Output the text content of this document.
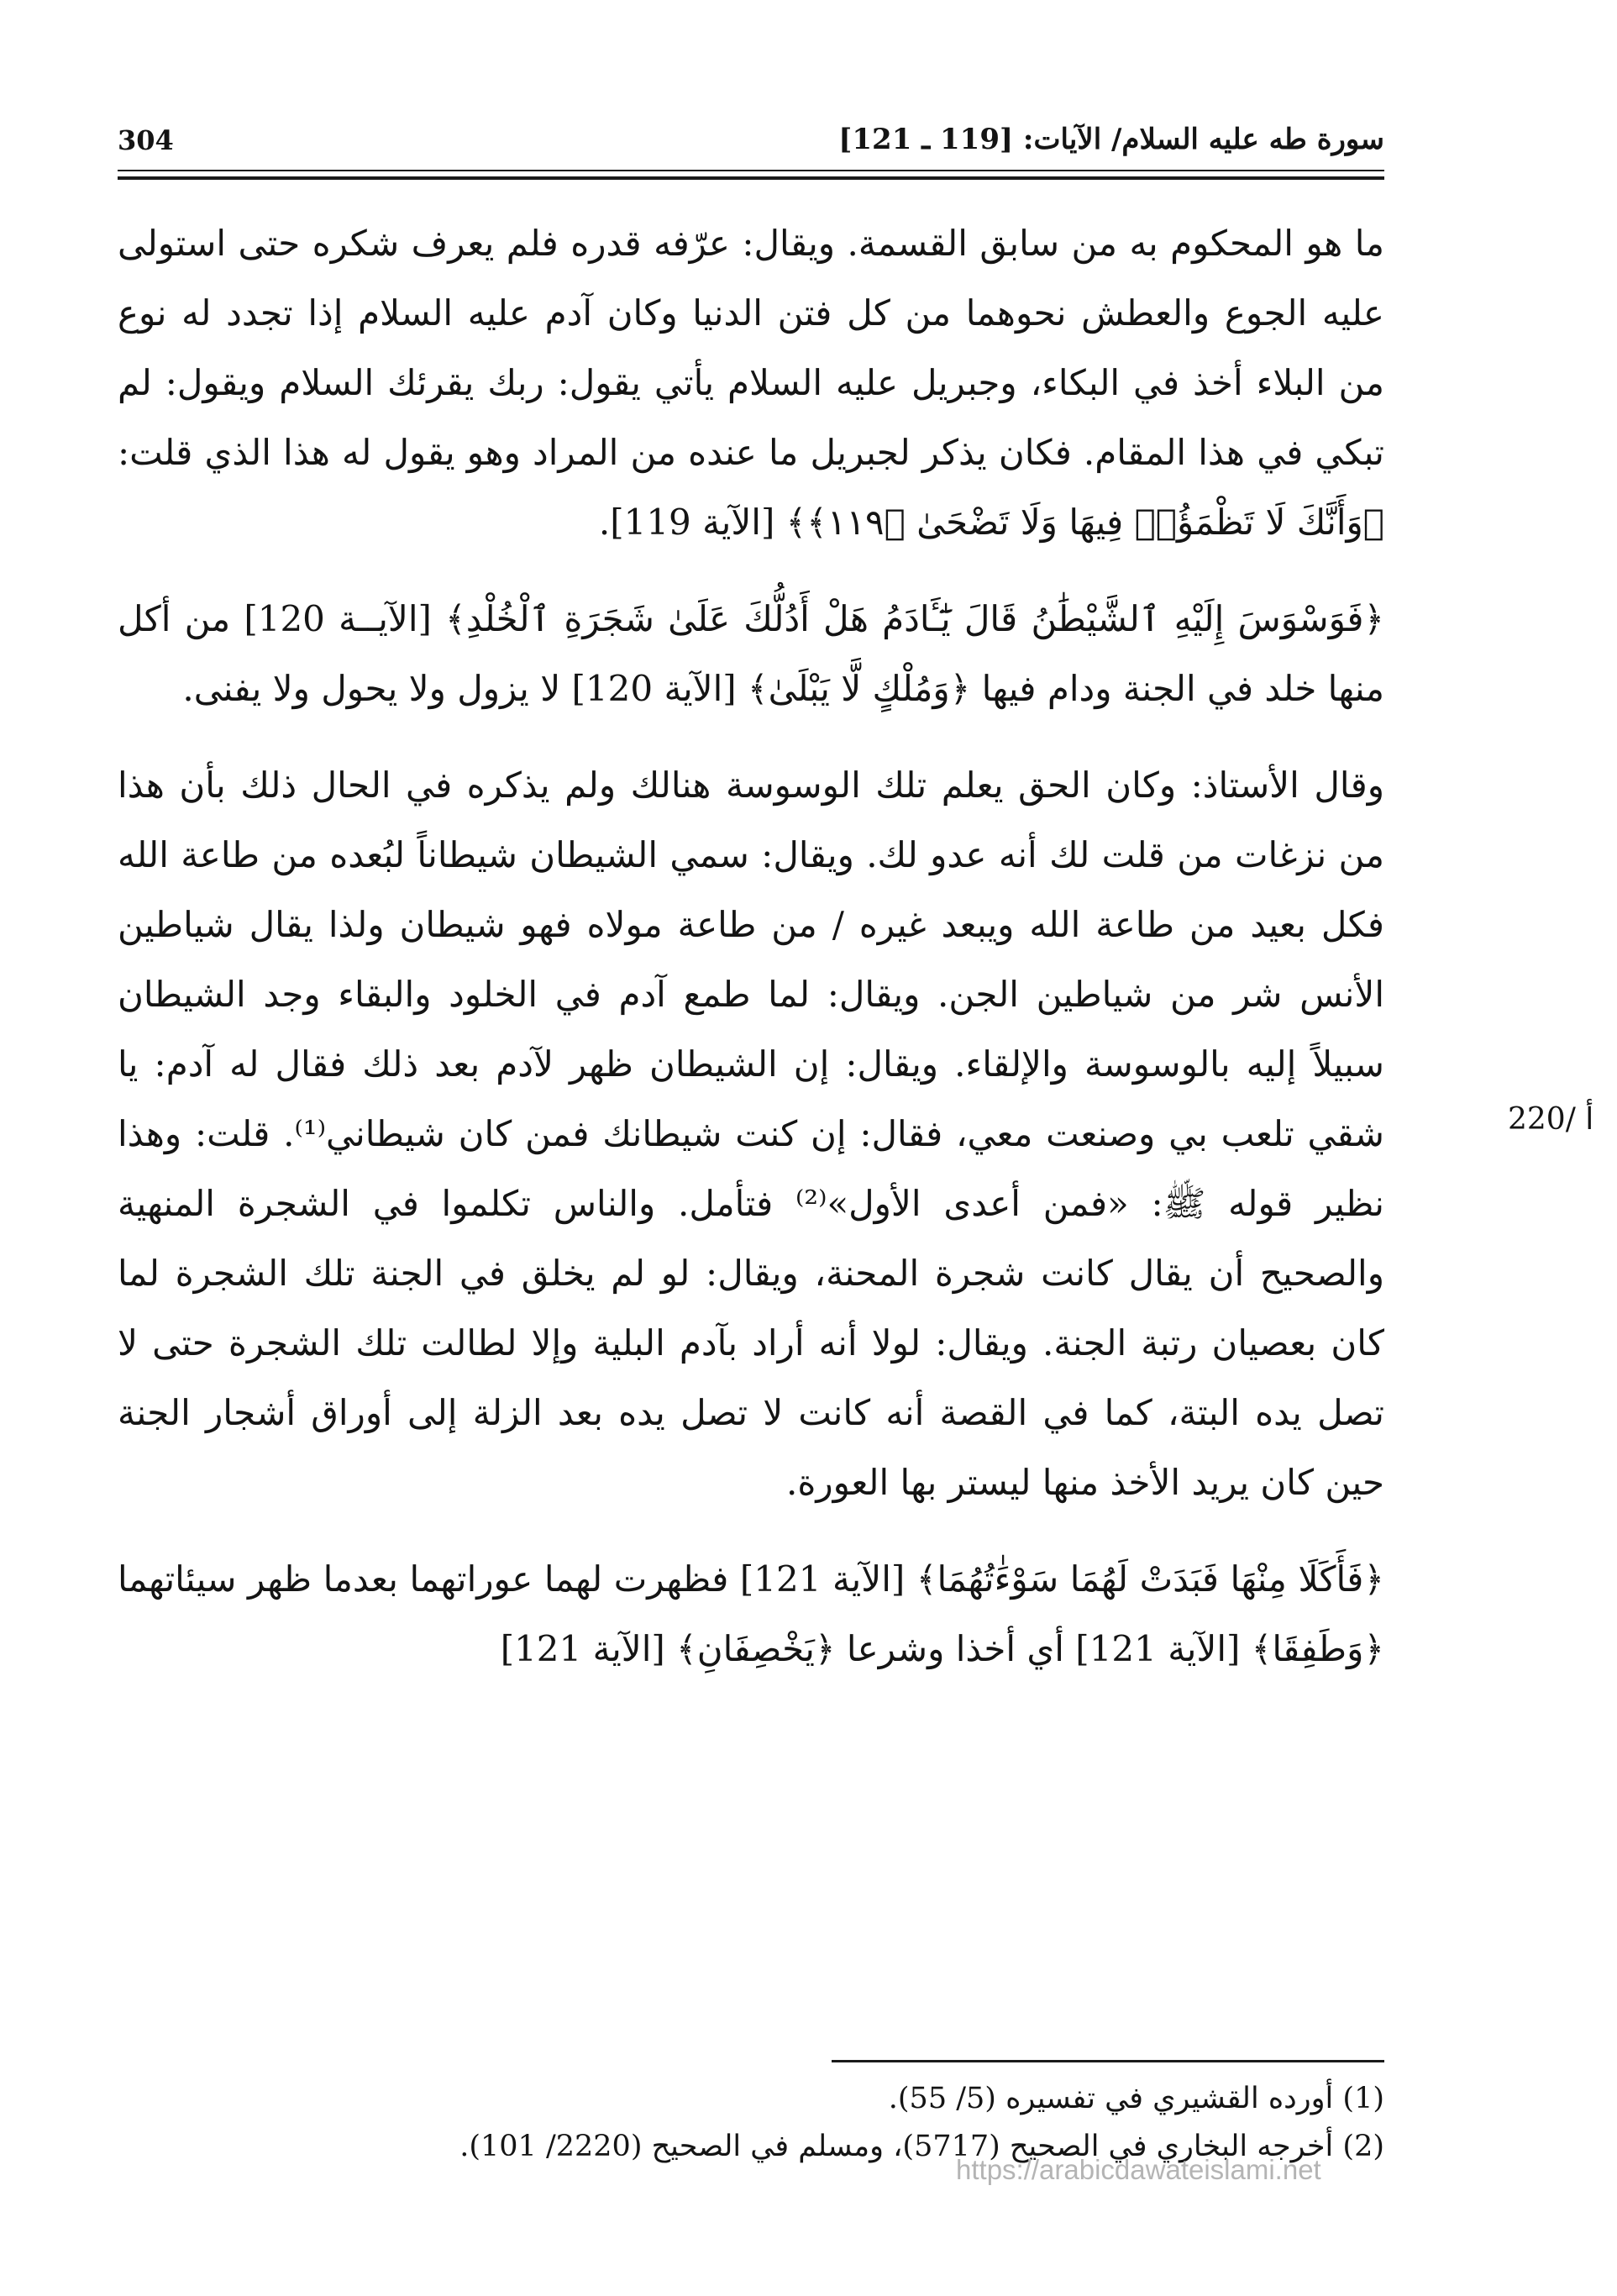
304	سورة طه عليه السلام/ الآيات: [119 ـ 121]

ما هو المحكوم به من سابق القسمة. ويقال: عرّفه قدره فلم يعرف شكره حتى استولى عليه الجوع والعطش نحوهما من كل فتن الدنيا وكان آدم عليه السلام إذا تجدد له نوع من البلاء أخذ في البكاء، وجبريل عليه السلام يأتي يقول: ربك يقرئك السلام ويقول: لم تبكي في هذا المقام. فكان يذكر لجبريل ما عنده من المراد وهو يقول له هذا الذي قلت: ﴿وَأَنَّكَ لَا تَظْمَؤُا۟ فِيهَا وَلَا تَضْحَىٰ ﴿١١٩﴾﴾ [الآية 119].

﴿فَوَسْوَسَ إِلَيْهِ ٱلشَّيْطَٰنُ قَالَ يَٰٓـَٔادَمُ هَلْ أَدُلُّكَ عَلَىٰ شَجَرَةِ ٱلْخُلْدِ﴾ [الآيــة 120] من أكل منها خلد في الجنة ودام فيها ﴿وَمُلْكٍ لَّا يَبْلَىٰ﴾ [الآية 120] لا يزول ولا يحول ولا يفنى.

وقال الأستاذ: وكان الحق يعلم تلك الوسوسة هنالك ولم يذكره في الحال ذلك بأن هذا من نزغات من قلت لك أنه عدو لك. ويقال: سمي الشيطان شيطاناً لبُعده من طاعة الله فكل بعيد من طاعة الله ويبعد غيره / من طاعة مولاه فهو شيطان ولذا يقال شياطين الأنس شر من شياطين الجن. ويقال: لما طمع آدم في الخلود والبقاء وجد الشيطان سبيلاً إليه بالوسوسة والإلقاء. ويقال: إن الشيطان ظهر لآدم بعد ذلك فقال له آدم: يا شقي تلعب بي وصنعت معي، فقال: إن كنت شيطانك فمن كان شيطاني⁽¹⁾. قلت: وهذا نظير قوله ﷺ: «فمن أعدى الأول»⁽²⁾ فتأمل. والناس تكلموا في الشجرة المنهية والصحيح أن يقال كانت شجرة المحنة، ويقال: لو لم يخلق في الجنة تلك الشجرة لما كان بعصيان رتبة الجنة. ويقال: لولا أنه أراد بآدم البلية وإلا لطالت تلك الشجرة حتى لا تصل يده البتة، كما في القصة أنه كانت لا تصل يده بعد الزلة إلى أوراق أشجار الجنة حين كان يريد الأخذ منها ليستر بها العورة.

﴿فَأَكَلَا مِنْهَا فَبَدَتْ لَهُمَا سَوْءَٰتُهُمَا﴾ [الآية 121] فظهرت لهما عوراتهما بعدما ظهر سيئاتهما ﴿وَطَفِقَا﴾ [الآية 121] أي أخذا وشرعا ﴿يَخْصِفَانِ﴾ [الآية 121]

220/ أ

(1) أورده القشيري في تفسيره (5/ 55).

(2) أخرجه البخاري في الصحيح (5717)، ومسلم في الصحيح (2220/ 101).

https://arabicdawateislami.net
